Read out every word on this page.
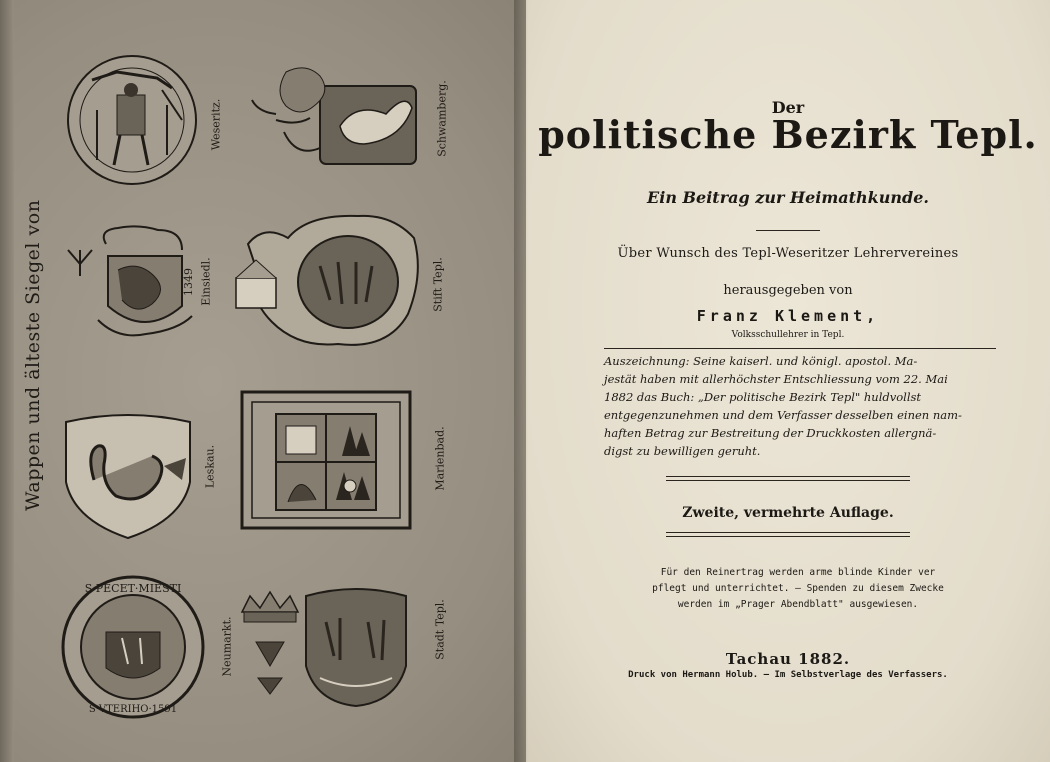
Wappen und älteste Siegel von
Weseritz.	Schwamberg.
1349 Einsiedl.	Stift Tepl.
Leskau.	Marienbad.
S·PECET·MIESTI
S·VTERIHO·1591
Neumarkt.	Stadt Tepl.
Der
politische Bezirk Tepl.
Ein Beitrag zur Heimathkunde.
Über Wunsch des Tepl-Weseritzer Lehrervereines
herausgegeben von
Franz Klement,
Volksschullehrer in Tepl.
Auszeichnung: Seine kaiserl. und königl. apostol. Ma-
jestät haben mit allerhöchster Entschliessung vom 22. Mai
1882 das Buch: „Der politische Bezirk Tepl" huldvollst
entgegenzunehmen und dem Verfasser desselben einen nam-
haften Betrag zur Bestreitung der Druckkosten allergnä-
digst zu bewilligen geruht.
Zweite, vermehrte Auflage.
Für den Reinertrag werden arme blinde Kinder ver
pflegt und unterrichtet. — Spenden zu diesem Zwecke
werden im „Prager Abendblatt" ausgewiesen.
Tachau 1882.
Druck von Hermann Holub. — Im Selbstverlage des Verfassers.
